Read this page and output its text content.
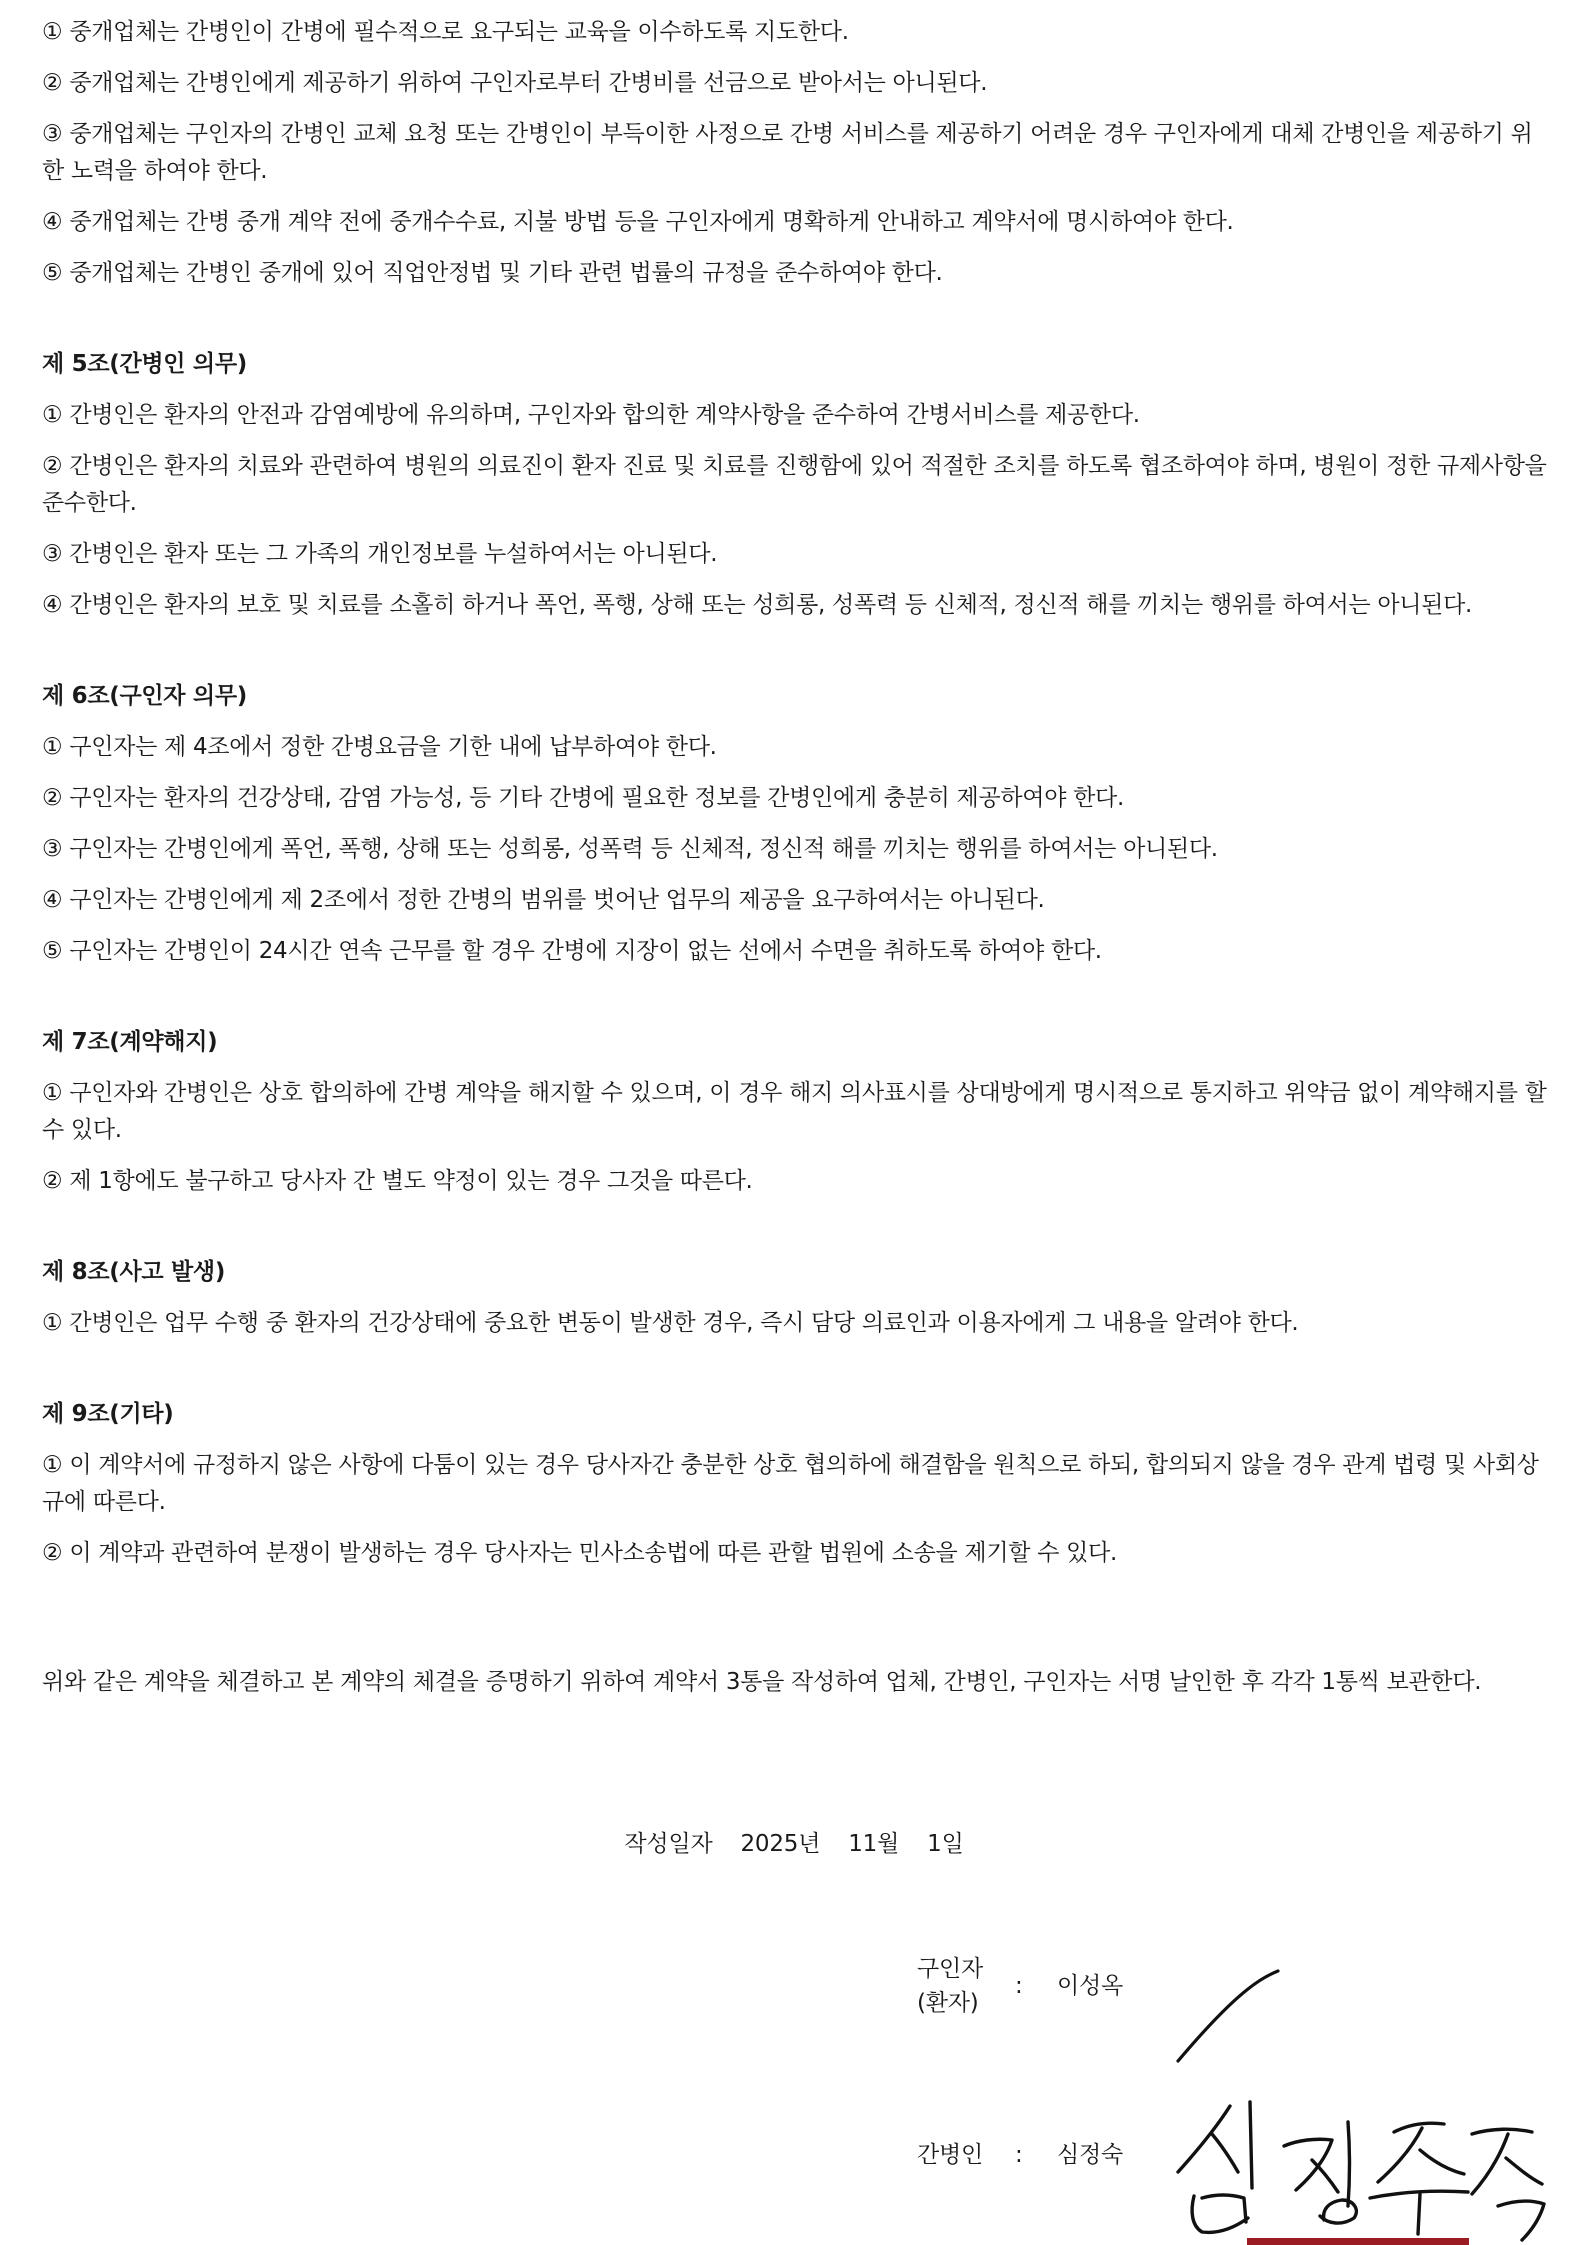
① 중개업체는 간병인이 간병에 필수적으로 요구되는 교육을 이수하도록 지도한다.

② 중개업체는 간병인에게 제공하기 위하여 구인자로부터 간병비를 선금으로 받아서는 아니된다.

③ 중개업체는 구인자의 간병인 교체 요청 또는 간병인이 부득이한 사정으로 간병 서비스를 제공하기 어려운 경우 구인자에게 대체 간병인을 제공하기 위한 노력을 하여야 한다.

④ 중개업체는 간병 중개 계약 전에 중개수수료, 지불 방법 등을 구인자에게 명확하게 안내하고 계약서에 명시하여야 한다.

⑤ 중개업체는 간병인 중개에 있어 직업안정법 및 기타 관련 법률의 규정을 준수하여야 한다.

제 5조(간병인 의무)

① 간병인은 환자의 안전과 감염예방에 유의하며, 구인자와 합의한 계약사항을 준수하여 간병서비스를 제공한다.

② 간병인은 환자의 치료와 관련하여 병원의 의료진이 환자 진료 및 치료를 진행함에 있어 적절한 조치를 하도록 협조하여야 하며, 병원이 정한 규제사항을 준수한다.

③ 간병인은 환자 또는 그 가족의 개인정보를 누설하여서는 아니된다.

④ 간병인은 환자의 보호 및 치료를 소홀히 하거나 폭언, 폭행, 상해 또는 성희롱, 성폭력 등 신체적, 정신적 해를 끼치는 행위를 하여서는 아니된다.

제 6조(구인자 의무)

① 구인자는 제 4조에서 정한 간병요금을 기한 내에 납부하여야 한다.

② 구인자는 환자의 건강상태, 감염 가능성, 등 기타 간병에 필요한 정보를 간병인에게 충분히 제공하여야 한다.

③ 구인자는 간병인에게 폭언, 폭행, 상해 또는 성희롱, 성폭력 등 신체적, 정신적 해를 끼치는 행위를 하여서는 아니된다.

④ 구인자는 간병인에게 제 2조에서 정한 간병의 범위를 벗어난 업무의 제공을 요구하여서는 아니된다.

⑤ 구인자는 간병인이 24시간 연속 근무를 할 경우 간병에 지장이 없는 선에서 수면을 취하도록 하여야 한다.

제 7조(계약해지)

① 구인자와 간병인은 상호 합의하에 간병 계약을 해지할 수 있으며, 이 경우 해지 의사표시를 상대방에게 명시적으로 통지하고 위약금 없이 계약해지를 할 수 있다.

② 제 1항에도 불구하고 당사자 간 별도 약정이 있는 경우 그것을 따른다.

제 8조(사고 발생)

① 간병인은 업무 수행 중 환자의 건강상태에 중요한 변동이 발생한 경우, 즉시 담당 의료인과 이용자에게 그 내용을 알려야 한다.

제 9조(기타)

① 이 계약서에 규정하지 않은 사항에 다툼이 있는 경우 당사자간 충분한 상호 협의하에 해결함을 원칙으로 하되, 합의되지 않을 경우 관계 법령 및 사회상규에 따른다.

② 이 계약과 관련하여 분쟁이 발생하는 경우 당사자는 민사소송법에 따른 관할 법원에 소송을 제기할 수 있다.

위와 같은 계약을 체결하고 본 계약의 체결을 증명하기 위하여 계약서 3통을 작성하여 업체, 간병인, 구인자는 서명 날인한 후 각각 1통씩 보관한다.

작성일자 2025년 11월 1일
구인자
(환자)
:	이성옥
간병인	:	심정숙
